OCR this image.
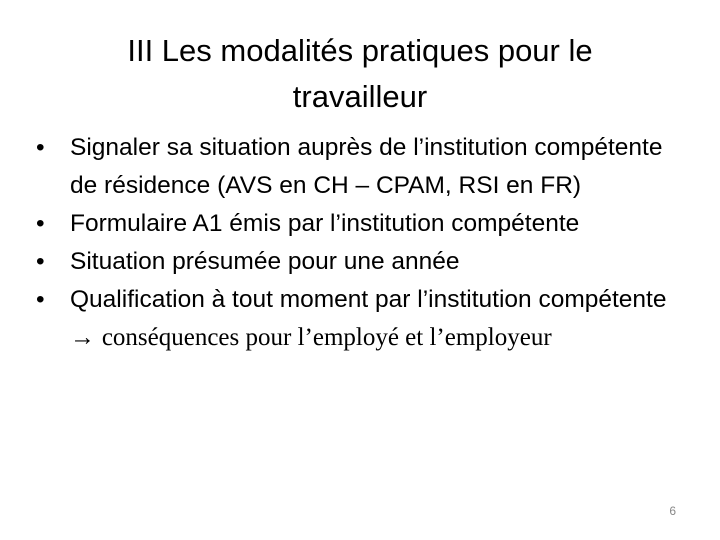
III Les modalités pratiques pour le
travailleur
•	Signaler sa situation auprès de l’institution compétente de résidence (AVS en CH – CPAM, RSI en FR)
•	Formulaire A1 émis par l’institution compétente
•	Situation présumée pour une année
•	Qualification à tout moment par l’institution compétente → conséquences pour l’employé et l’employeur
6
